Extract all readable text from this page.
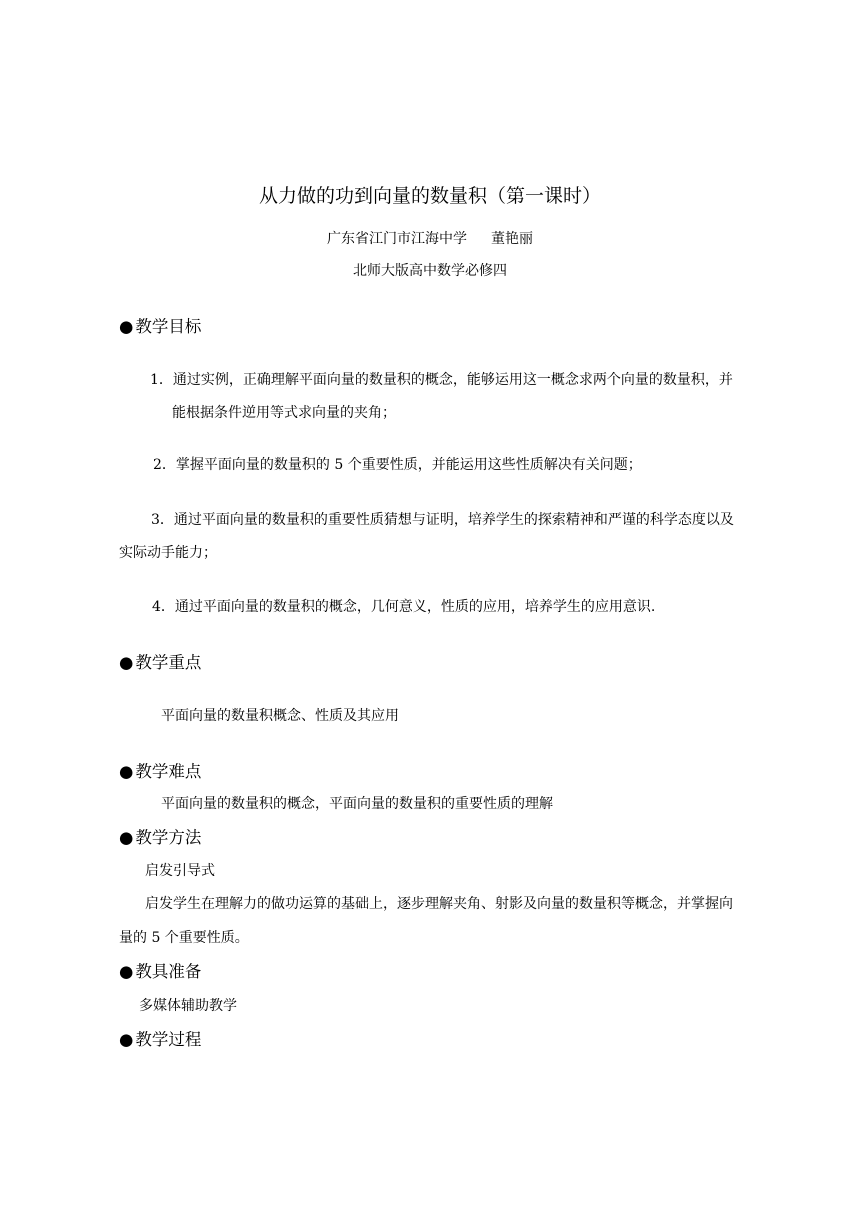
从力做的功到向量的数量积（第一课时）
广东省江门市江海中学 董艳丽
北师大版高中数学必修四
● 教学目标
1．通过实例，正确理解平面向量的数量积的概念，能够运用这一概念求两个向量的数量积，并
能根据条件逆用等式求向量的夹角；
2．掌握平面向量的数量积的 5 个重要性质，并能运用这些性质解决有关问题；
3．通过平面向量的数量积的重要性质猜想与证明，培养学生的探索精神和严谨的科学态度以及
实际动手能力；
4．通过平面向量的数量积的概念，几何意义，性质的应用，培养学生的应用意识.
● 教学重点
平面向量的数量积概念、性质及其应用
● 教学难点
平面向量的数量积的概念，平面向量的数量积的重要性质的理解
● 教学方法
启发引导式
启发学生在理解力的做功运算的基础上，逐步理解夹角、射影及向量的数量积等概念，并掌握向
量的 5 个重要性质。
● 教具准备
多媒体辅助教学
● 教学过程
